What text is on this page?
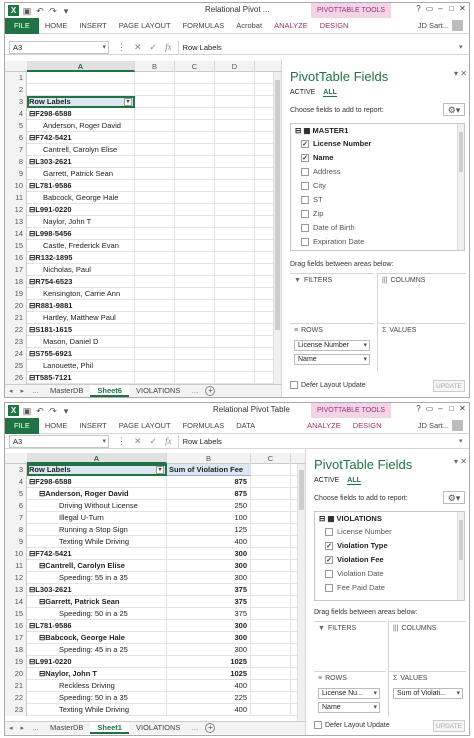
X ▣ ↶ ↷ ▾	Relational Pivot ...	PIVOTTABLE TOOLS	? ▭ – □ ✕
FILE	HOME	INSERT	PAGE LAYOUT	FORMULAS	Acrobat	ANALYZE	DESIGN	JD Sart...
A3 ▾	⋮ ✕ ✓ fx	Row Labels	▾
A	B	C	D
1
2
3 Row Labels	▾
4 ⊟F298-6588
5	Anderson, Roger David
6 ⊟F742-5421
7	Cantrell, Carolyn Elise
8 ⊟L303-2621
9	Garrett, Patrick Sean
10 ⊟L781-9586
11	Babcock, George Hale
12 ⊟L991-0220
13	Naylor, John T
14 ⊟L998-5456
15	Castle, Frederick Evan
16 ⊟R132-1895
17	Nicholas, Paul
18 ⊟R754-6523
19	Kensington, Carrie Ann
20 ⊟R881-9881
21	Hartley, Matthew Paul
22 ⊟S181-1615
23	Mason, Daniel D
24 ⊟S755-6921
25	Lanouette, Phil
26 ⊟T585-7121
◂	▸	…	MasterDB	Sheet6	VIOLATIONS	…	+
PivotTable Fields	▾ ✕
ACTIVE ALL
Choose fields to add to report:	⚙▾
⊟ ▦ MASTER1
✓ License Number
✓ Name
Address
City
ST
Zip
Date of Birth
Expiration Date
Drag fields between areas below:
▼ FILTERS	||| COLUMNS
≡ ROWS
License Number ▾
Name ▾
Σ VALUES
Defer Layout Update	UPDATE
X ▣ ↶ ↷ ▾	Relational Pivot Table	PIVOTTABLE TOOLS	? ▭ – □ ✕
FILE	HOME	INSERT	PAGE LAYOUT	FORMULAS	DATA	ANALYZE	DESIGN	JD Sart...
A3 ▾	⋮ ✕ ✓ fx	Row Labels	▾
A	B	C
3 Row Labels	▾	Sum of Violation Fee
4 ⊟F298-6588	875
5	⊟Anderson, Roger David	875
6	Driving Without License	250
7	Illegal U-Turn	100
8	Running a Stop Sign	125
9	Texting While Driving	400
10 ⊟F742-5421	300
11	⊟Cantrell, Carolyn Elise	300
12	Speeding: 55 in a 35	300
13 ⊟L303-2621	375
14	⊟Garrett, Patrick Sean	375
15	Speeding: 50 in a 25	375
16 ⊟L781-9586	300
17	⊟Babcock, George Hale	300
18	Speeding: 45 in a 25	300
19 ⊟L991-0220	1025
20	⊟Naylor, John T	1025
21	Reckless Driving	400
22	Speeding: 50 in a 35	225
23	Texting While Driving	400
◂	▸	…	MasterDB	Sheet1	VIOLATIONS	…	+
PivotTable Fields	▾ ✕
ACTIVE ALL
Choose fields to add to report:	⚙▾
⊟ ▦ VIOLATIONS
License Number
✓ Violation Type
✓ Violation Fee
Violation Date
Fee Paid Date
Drag fields between areas below:
▼ FILTERS	||| COLUMNS
≡ ROWS
License Nu... ▾
Name ▾
Σ VALUES
Sum of Violati... ▾
Defer Layout Update	UPDATE
